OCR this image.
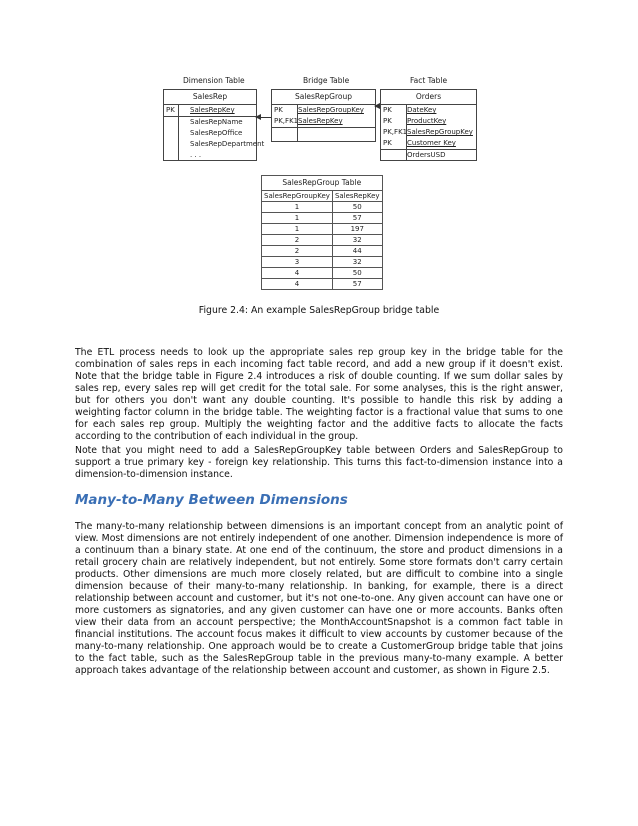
Dimension Table	Bridge Table	Fact Table
SalesRep
PK	SalesRepKey
SalesRepName
SalesRepOffice
SalesRepDepartment
. . .
SalesRepGroup
PK	SalesRepGroupKey
PK,FK1 SalesRepKey
Orders
PK	DateKey
PK	ProductKey
PK,FK1 SalesRepGroupKey
PK	Customer Key
OrdersUSD
SalesRepGroup Table
SalesRepGroupKey	SalesRepKey
1	50
1	57
1	197
2	32
2	44
3	32
4	50
4	57
Figure 2.4: An example SalesRepGroup bridge table

The ETL process needs to look up the appropriate sales rep group key in the bridge table for the combination of sales reps in each incoming fact table record, and add a new group if it doesn't exist. Note that the bridge table in Figure 2.4 introduces a risk of double counting. If we sum dollar sales by sales rep, every sales rep will get credit for the total sale. For some analyses, this is the right answer, but for others you don't want any double counting. It's possible to handle this risk by adding a weighting factor column in the bridge table. The weighting factor is a fractional value that sums to one for each sales rep group. Multiply the weighting factor and the additive facts to allocate the facts according to the contribution of each individual in the group.

Note that you might need to add a SalesRepGroupKey table between Orders and SalesRepGroup to support a true primary key - foreign key relationship. This turns this fact-to-dimension instance into a dimension-to-dimension instance.

Many-to-Many Between Dimensions

The many-to-many relationship between dimensions is an important concept from an analytic point of view. Most dimensions are not entirely independent of one another. Dimension independence is more of a continuum than a binary state. At one end of the continuum, the store and product dimensions in a retail grocery chain are relatively independent, but not entirely. Some store formats don't carry certain products. Other dimensions are much more closely related, but are difficult to combine into a single dimension because of their many-to-many relationship. In banking, for example, there is a direct relationship between account and customer, but it's not one-to-one. Any given account can have one or more customers as signatories, and any given customer can have one or more accounts. Banks often view their data from an account perspective; the MonthAccountSnapshot is a common fact table in financial institutions. The account focus makes it difficult to view accounts by customer because of the many-to-many relationship. One approach would be to create a CustomerGroup bridge table that joins to the fact table, such as the SalesRepGroup table in the previous many-to-many example. A better approach takes advantage of the relationship between account and customer, as shown in Figure 2.5.
